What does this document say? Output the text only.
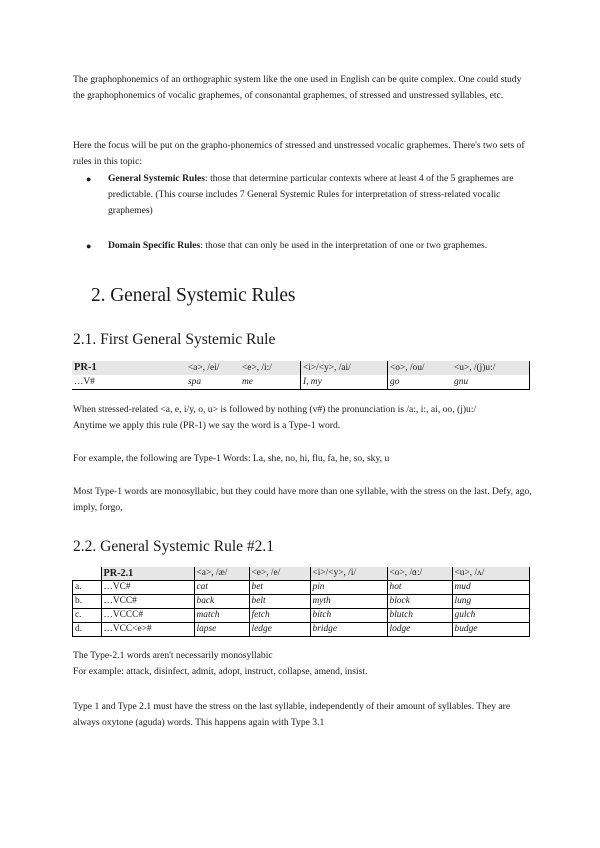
The graphophonemics of an orthographic system like the one used in English can be quite complex. One could study the graphophonemics of vocalic graphemes, of consonantal graphemes, of stressed and unstressed syllables, etc.

Here the focus will be put on the grapho-phonemics of stressed and unstressed vocalic graphemes. There's two sets of rules in this topic:

●	General Systemic Rules: those that determine particular contexts where at least 4 of the 5 graphemes are predictable. (This course includes 7 General Systemic Rules for interpretation of stress-related vocalic graphemes)
●	Domain Specific Rules: those that can only be used in the interpretation of one or two graphemes.
2. General Systemic Rules
2.1. First General Systemic Rule
PR-1	<a>, /ei/	<e>, /i:/	<i>/<y>, /ai/	<o>, /ou/	<u>, /(j)u:/
…V#	spa	me	I, my	go	gnu

When stressed-related <a, e, i/y, o, u> is followed by nothing (v#) the pronunciation is /a:, i:, ai, oo, (j)u:/

Anytime we apply this rule (PR-1) we say the word is a Type-1 word.

For example, the following are Type-1 Words: La, she, no, hi, flu, fa, he, so, sky, u

Most Type-1 words are monosyllabic, but they could have more than one syllable, with the stress on the last. Defy, ago, imply, forgo,

2.2. General Systemic Rule #2.1
	PR-2.1	<a>, /æ/	<e>, /e/	<i>/<y>, /i/	<o>, /ɑ:/	<u>, /ʌ/
a.	…VC#	cat	bet	pin	hot	mud
b.	…VCC#	back	belt	myth	block	lung
c.	…VCCC#	match	fetch	bitch	blutch	gulch
d.	…VCC<e>#	lapse	ledge	bridge	lodge	budge

The Type-2.1 words aren't necessarily monosyllabic

For example: attack, disinfect, admit, adopt, instruct, collapse, amend, insist.

Type 1 and Type 2.1 must have the stress on the last syllable, independently of their amount of syllables. They are always oxytone (aguda) words. This happens again with Type 3.1
